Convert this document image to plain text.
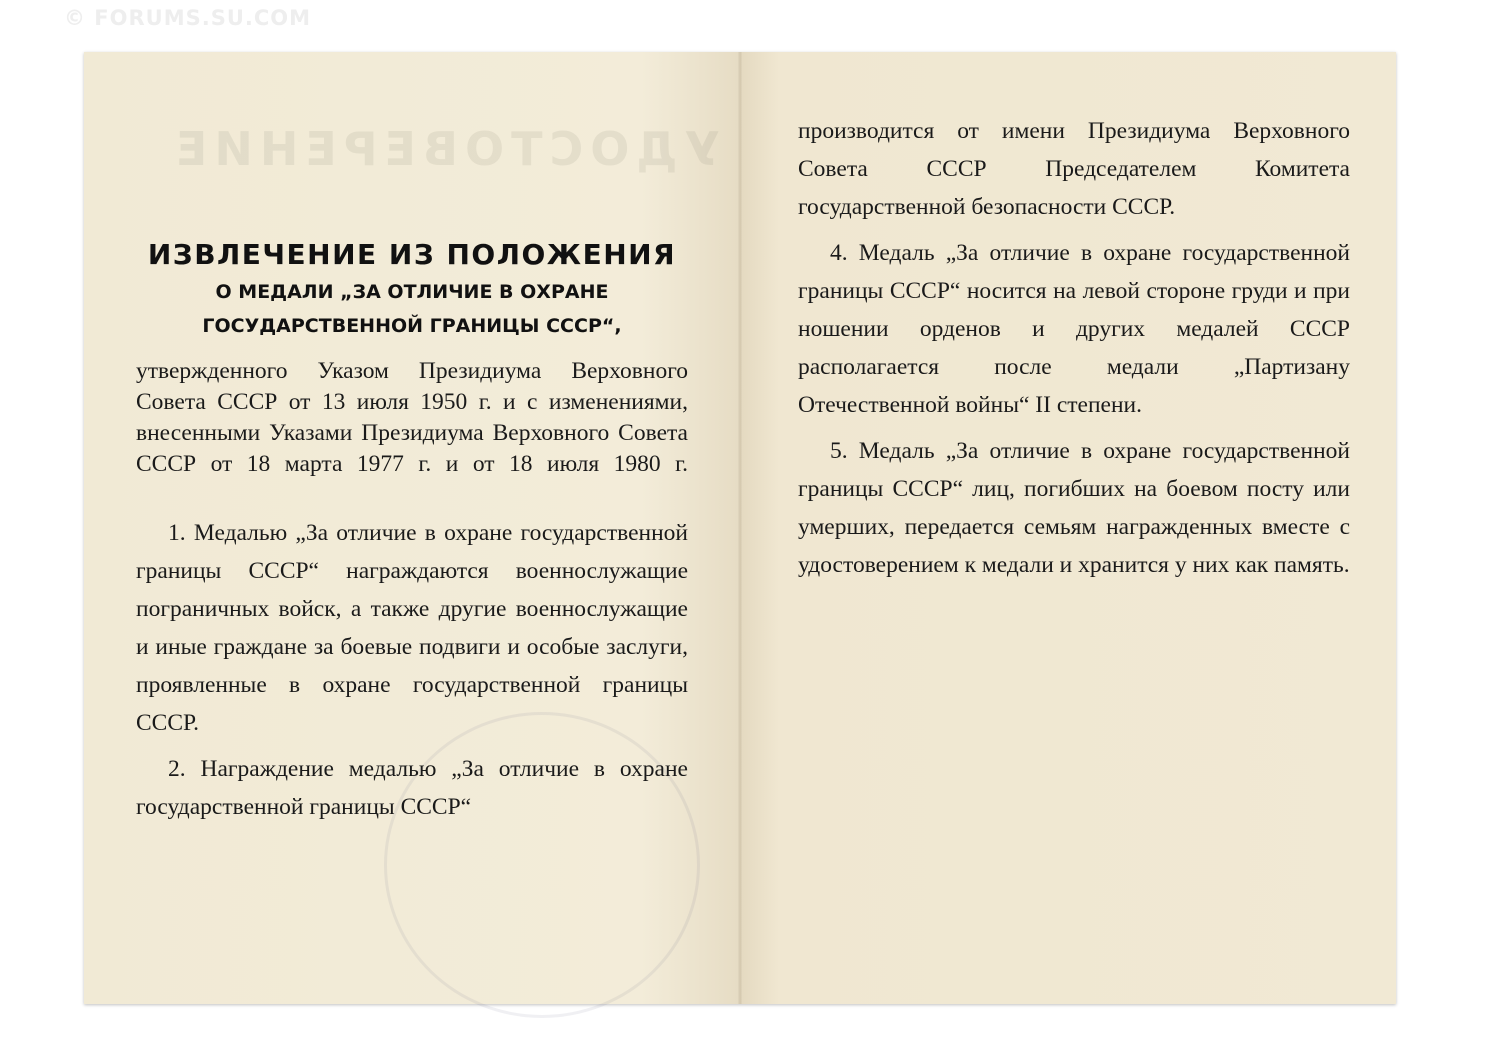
© FORUMS.SU.COM

УДОСТОВЕРЕНИЕ

ИЗВЛЕЧЕНИЕ ИЗ ПОЛОЖЕНИЯ

О МЕДАЛИ „ЗА ОТЛИЧИЕ В ОХРАНЕ

ГОСУДАРСТВЕННОЙ ГРАНИЦЫ СССР“,

утвержденного Указом Президиума Верховного Совета СССР от 13 июля 1950 г. и с изменениями, внесенными Указами Президиума Верховного Совета СССР от 18 марта 1977 г. и от 18 июля 1980 г.

1. Медалью „За отличие в охране государственной границы СССР“ награждаются военнослужащие пограничных войск, а также другие военнослужащие и иные граждане за боевые подвиги и особые заслуги, проявленные в охране государственной границы СССР.

2. Награждение медалью „За отличие в охране государственной границы СССР“

производится от имени Президиума Верховного Совета СССР Председателем Комитета государственной безопасности СССР.

4. Медаль „За отличие в охране государственной границы СССР“ носится на левой стороне груди и при ношении орденов и других медалей СССР располагается после медали „Партизану Отечественной войны“ II степени.

5. Медаль „За отличие в охране государственной границы СССР“ лиц, погибших на боевом посту или умерших, передается семьям награжденных вместе с удостоверением к медали и хранится у них как память.
